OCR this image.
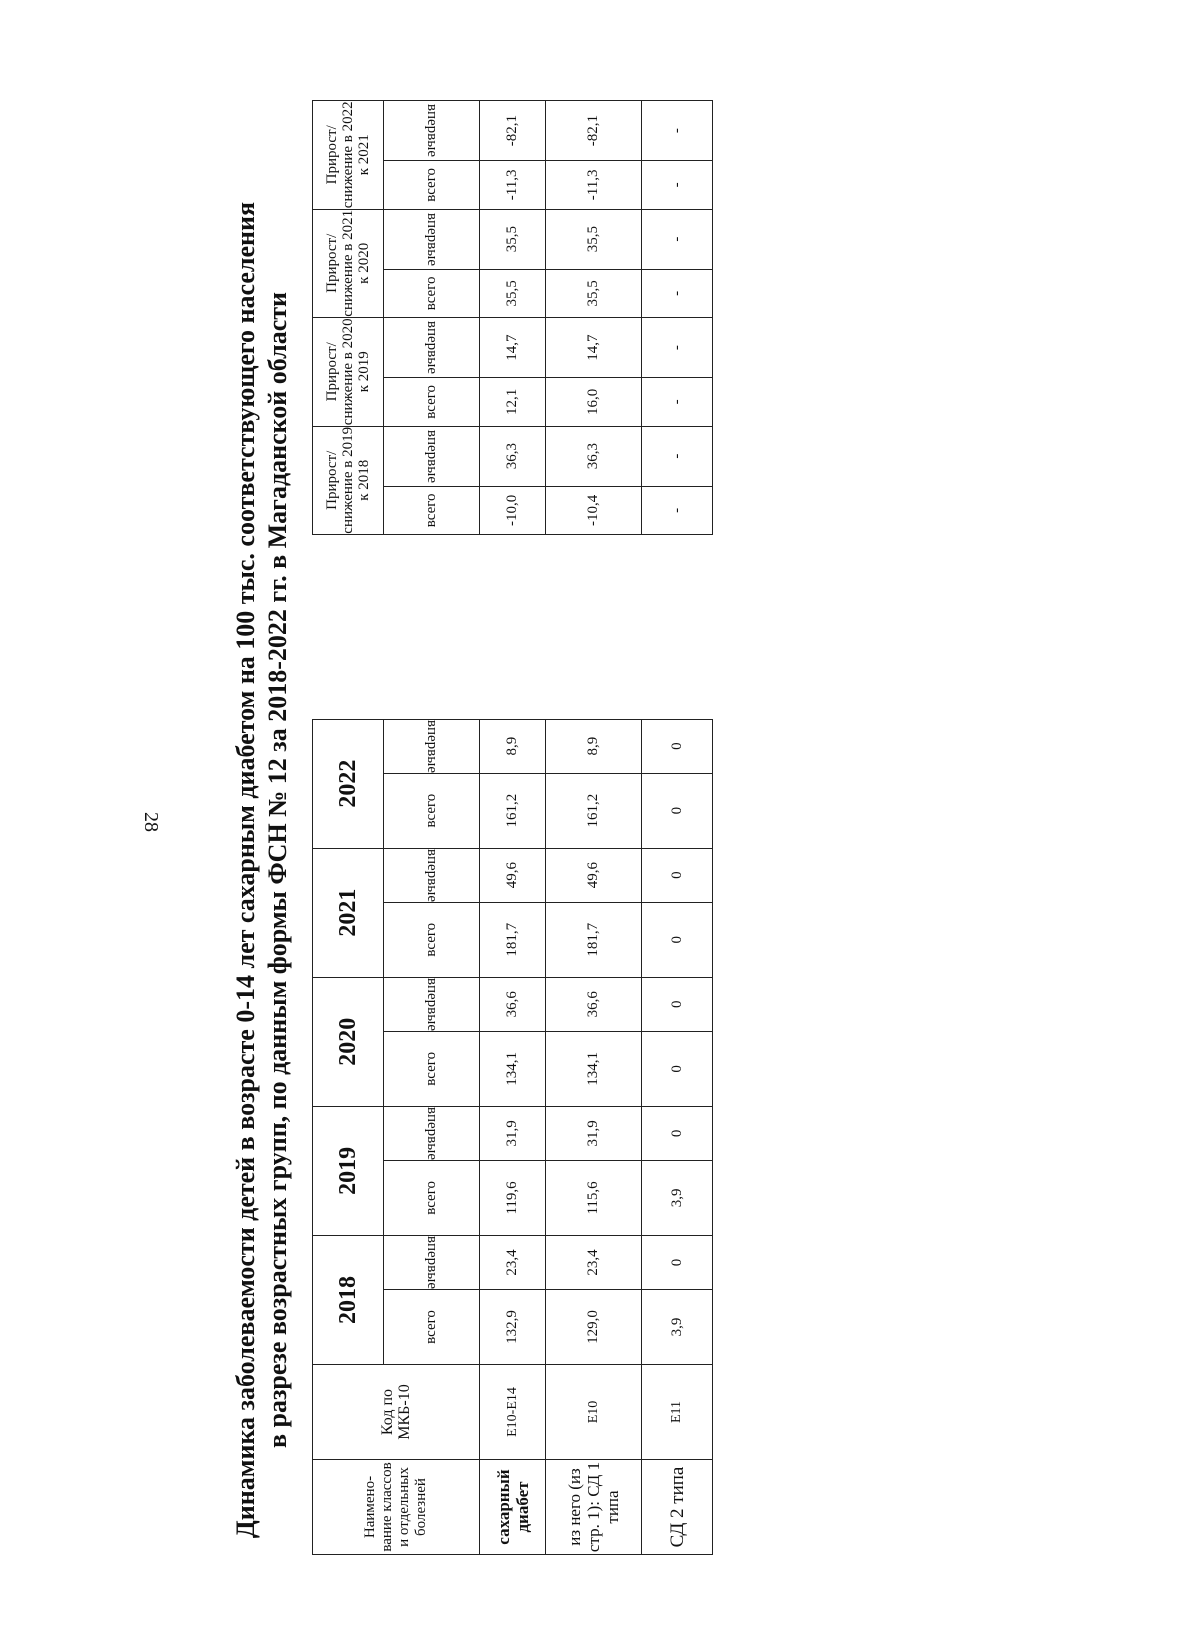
28	Динамика заболеваемости детей в возрасте 0-14 лет сахарным диабетом на 100 тыс. соответствующего населения в разрезе возрастных групп, по данным формы ФСН № 12 за 2018-2022 гг. в Магаданской области
Наимено-вание классов и отдельных болезней	Код по МКБ-10	2018		2019		2020		2021		2022	
		всего	впервые	всего	впервые	всего	впервые	всего	впервые	всего	впервые
сахарный диабет	Е10-Е14	132,9	23,4	119,6	31,9	134,1	36,6	181,7	49,6	161,2	8,9
из него (из стр. 1): СД 1 типа	Е10	129,0	23,4	115,6	31,9	134,1	36,6	181,7	49,6	161,2	8,9
СД 2 типа	Е11	3,9	0	3,9	0	0	0	0	0	0	0
Прирост/ снижение в 2019 к 2018		Прирост/ снижение в 2020 к 2019		Прирост/ снижение в 2021 к 2020		Прирост/ снижение в 2022 к 2021	
всего	впервые	всего	впервые	всего	впервые	всего	впервые
-10,0	36,3	12,1	14,7	35,5	35,5	-11,3	-82,1
-10,4	36,3	16,0	14,7	35,5	35,5	-11,3	-82,1
-	-	-	-	-	-	-	-
